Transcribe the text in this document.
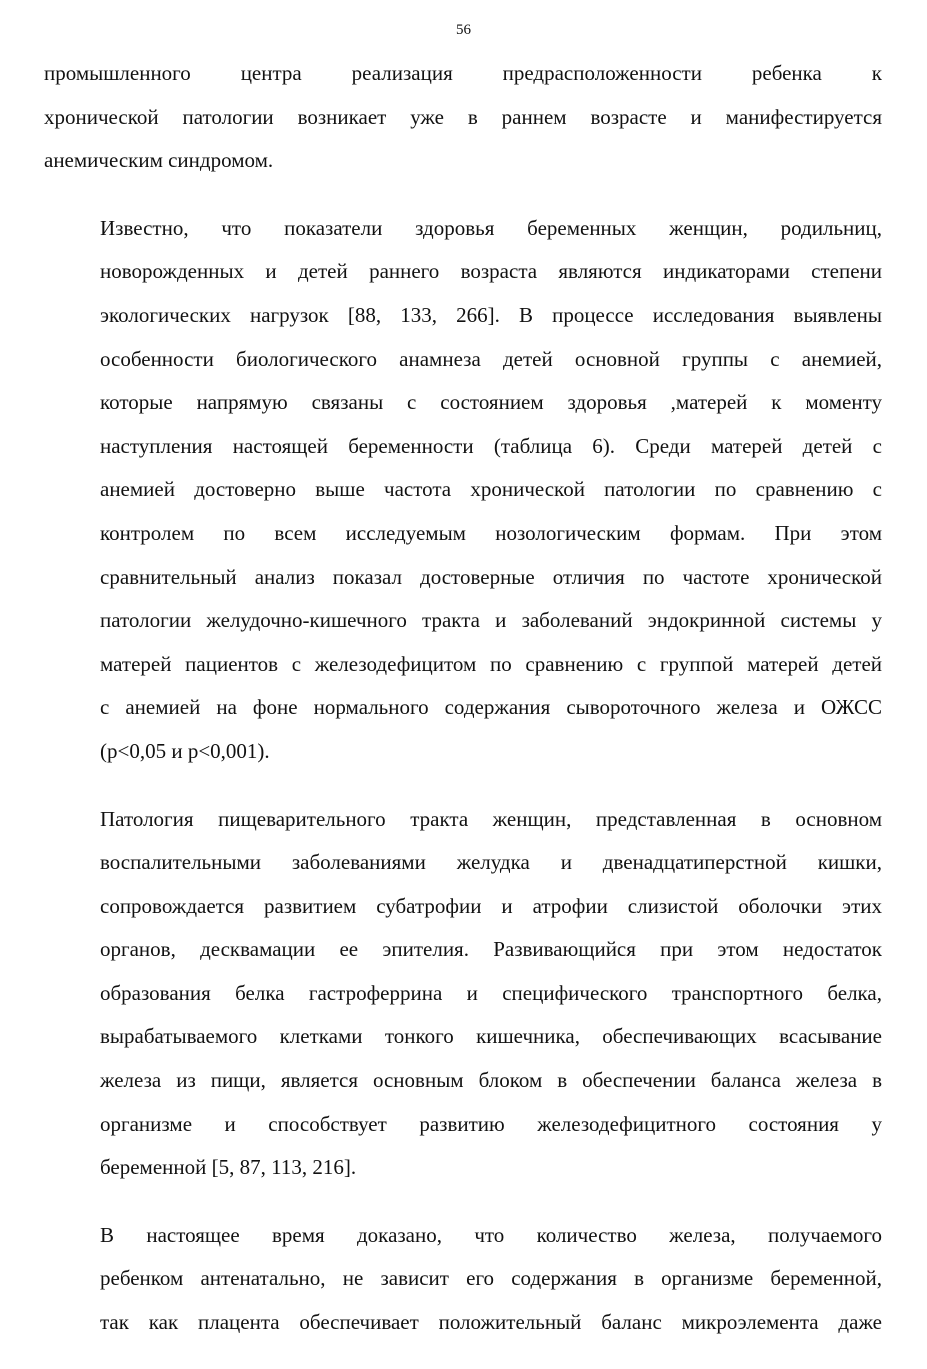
56

промышленного центра реализация предрасположенности ребенка к
хронической патологии возникает уже в раннем возрасте и манифестируется
анемическим синдромом.

Известно, что показатели здоровья беременных женщин, родильниц,
новорожденных и детей раннего возраста являются индикаторами степени
экологических нагрузок [88, 133, 266]. В процессе исследования выявлены
особенности биологического анамнеза детей основной группы с анемией,
которые напрямую связаны с состоянием здоровья ,матерей к моменту
наступления настоящей беременности (таблица 6). Среди матерей детей с
анемией достоверно выше частота хронической патологии по сравнению с
контролем по всем исследуемым нозологическим формам. При этом
сравнительный анализ показал достоверные отличия по частоте хронической
патологии желудочно-кишечного тракта и заболеваний эндокринной системы у
матерей пациентов с железодефицитом по сравнению с группой матерей детей
с анемией на фоне нормального содержания сывороточного железа и ОЖСС
(p<0,05 и p<0,001).

Патология пищеварительного тракта женщин, представленная в основном
воспалительными заболеваниями желудка и двенадцатиперстной кишки,
сопровождается развитием субатрофии и атрофии слизистой оболочки этих
органов, десквамации ее эпителия. Развивающийся при этом недостаток
образования белка гастроферрина и специфического транспортного белка,
вырабатываемого клетками тонкого кишечника, обеспечивающих всасывание
железа из пищи, является основным блоком в обеспечении баланса железа в
организме и способствует развитию железодефицитного состояния у
беременной [5, 87, 113, 216].

В настоящее время доказано, что количество железа, получаемого
ребенком антенатально, не зависит его содержания в организме беременной,
так как плацента обеспечивает положительный баланс микроэлемента даже
